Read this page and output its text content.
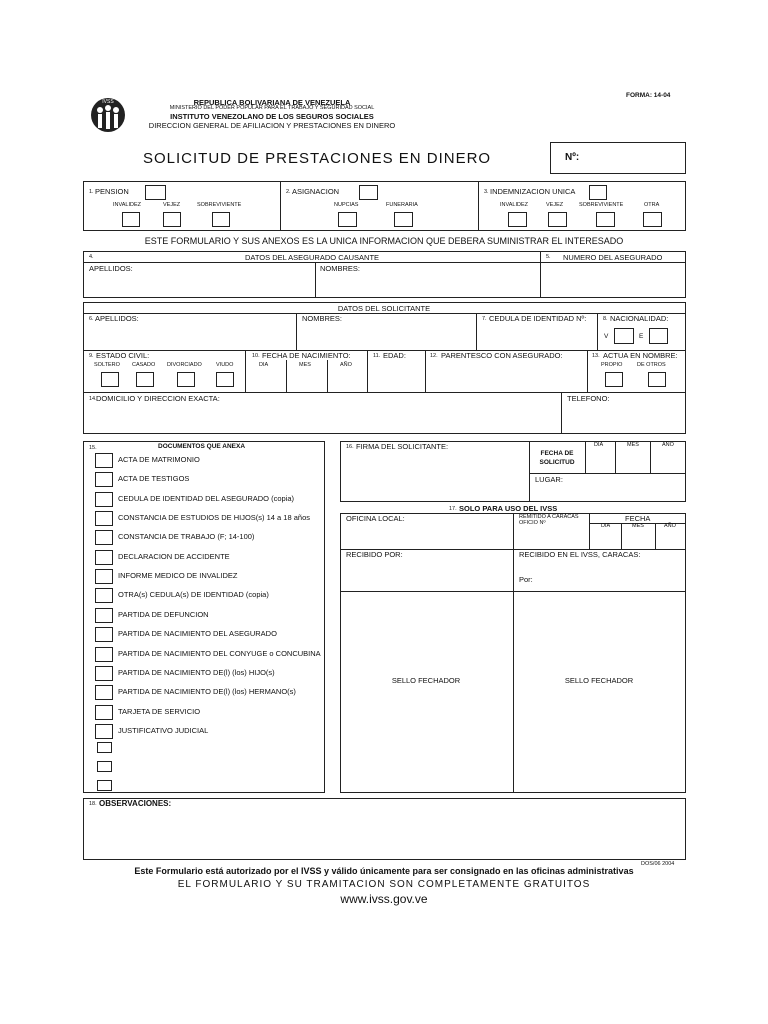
FORMA: 14-04
IVSS	REPUBLICA BOLIVARIANA DE VENEZUELA
MINISTERIO DEL PODER POPULAR PARA EL TRABAJO Y SEGURIDAD SOCIAL
INSTITUTO VENEZOLANO DE LOS SEGUROS SOCIALES
DIRECCION GENERAL DE AFILIACION Y PRESTACIONES EN DINERO
SOLICITUD DE PRESTACIONES EN DINERO	Nº:
1. PENSION
INVALIDEZ	VEJEZ	SOBREVIVIENTE
2. ASIGNACION
NUPCIAS	FUNERARIA
3. INDEMNIZACION UNICA
INVALIDEZ	VEJEZ	SOBREVIVIENTE	OTRA
ESTE FORMULARIO Y SUS ANEXOS ES LA UNICA INFORMACION QUE DEBERA SUMINISTRAR EL INTERESADO
4.	DATOS DEL ASEGURADO CAUSANTE	5. NUMERO DEL ASEGURADO
APELLIDOS:	NOMBRES:
DATOS DEL SOLICITANTE
6. APELLIDOS:	NOMBRES:	7. CEDULA DE IDENTIDAD Nº:	8. NACIONALIDAD:
V	E
9. ESTADO CIVIL:
SOLTERO CASADO DIVORCIADO	VIUDO
10. FECHA DE NACIMIENTO:
DIA	MES	AÑO
11. EDAD:	12. PARENTESCO CON ASEGURADO:	13. ACTUA EN NOMBRE:
PROPIO	DE OTROS
14. DOMICILIO Y DIRECCION EXACTA:	TELEFONO:
15.	DOCUMENTOS QUE ANEXA
ACTA DE MATRIMONIO
ACTA DE TESTIGOS
CEDULA DE IDENTIDAD DEL ASEGURADO (copia)
CONSTANCIA DE ESTUDIOS DE HIJOS(s) 14 a 18 años
CONSTANCIA DE TRABAJO (F; 14-100)
DECLARACION DE ACCIDENTE
INFORME MEDICO DE INVALIDEZ
OTRA(s) CEDULA(s) DE IDENTIDAD (copia)
PARTIDA DE DEFUNCION
PARTIDA DE NACIMIENTO DEL ASEGURADO
PARTIDA DE NACIMIENTO DEL CONYUGE o CONCUBINA
PARTIDA DE NACIMIENTO DE(l) (los) HIJO(s)
PARTIDA DE NACIMIENTO DE(l) (los) HERMANO(s)
TARJETA DE SERVICIO
JUSTIFICATIVO JUDICIAL
16. FIRMA DEL SOLICITANTE:
FECHA DE SOLICITUD
DIA	MES	AÑO
LUGAR:
17. SOLO PARA USO DEL IVSS
OFICINA LOCAL:	REMITIDO A CARACAS
OFICIO Nº	FECHA
DIA	MES	AÑO
RECIBIDO POR:	RECIBIDO EN EL IVSS, CARACAS:
Por:
SELLO FECHADOR	SELLO FECHADOR
18. OBSERVACIONES:
DOS/06 2004
Este Formulario está autorizado por el IVSS y válido únicamente para ser consignado en las oficinas administrativas
EL FORMULARIO Y SU TRAMITACION SON COMPLETAMENTE GRATUITOS
www.ivss.gov.ve
